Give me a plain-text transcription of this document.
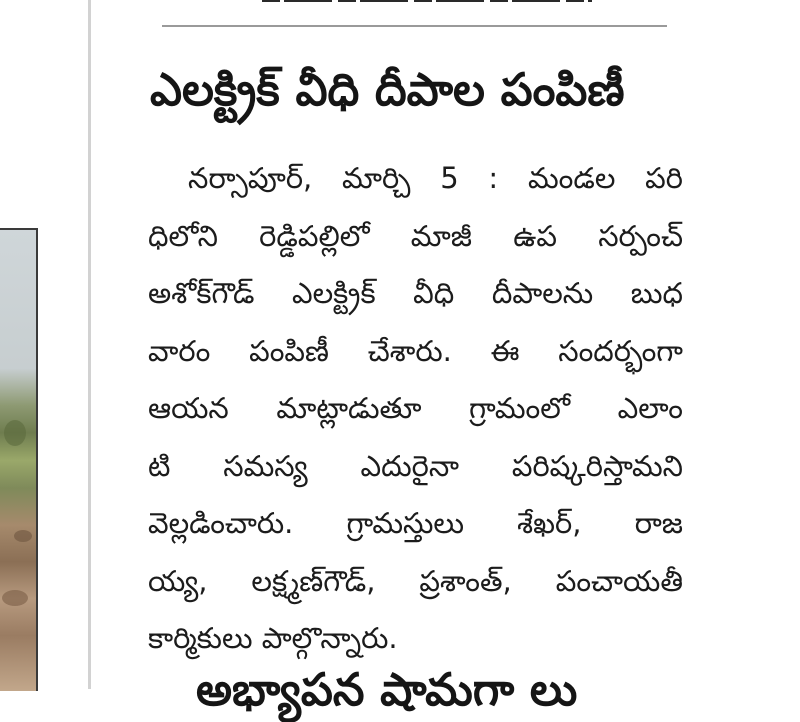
ఎలక్ట్రిక్‌ వీధి దీపాల పంపిణీ
నర్సాపూర్‌, మార్చి 5 : మండల పరి
ధిలోని రెడ్డిపల్లిలో మాజీ ఉప సర్పంచ్‌
అశోక్‌గౌడ్‌ ఎలక్ట్రిక్‌ వీధి దీపాలను బుధ
వారం పంపిణీ చేశారు. ఈ సందర్భంగా
ఆయన మాట్లాడుతూ గ్రామంలో ఎలాం
టి సమస్య ఎదురైనా పరిష్కరిస్తామని
వెల్లడించారు. గ్రామస్తులు శేఖర్‌, రాజ
య్య, లక్ష్మణ్‌గౌడ్‌, ప్రశాంత్‌, పంచాయతీ
కార్మికులు పాల్గొన్నారు.
అభ్యాపన షామగా లు
